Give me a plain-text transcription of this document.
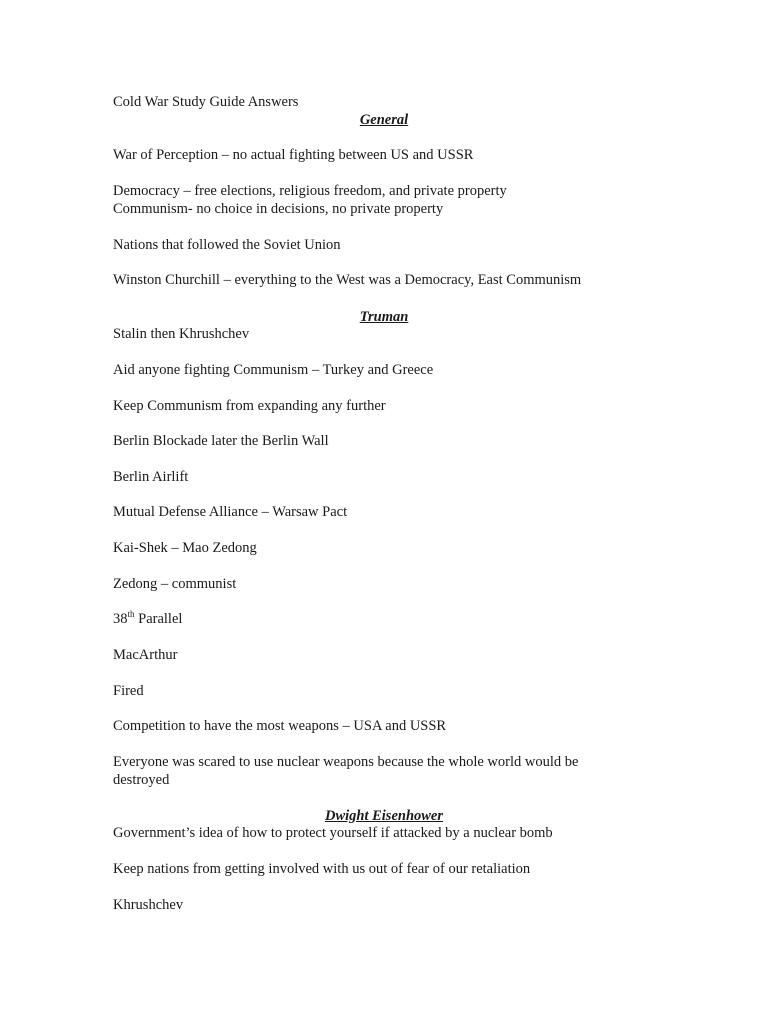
Cold War Study Guide Answers
General
War of Perception – no actual fighting between US and USSR
Democracy – free elections, religious freedom, and private property
Communism- no choice in decisions, no private property
Nations that followed the Soviet Union
Winston Churchill – everything to the West was a Democracy, East Communism
Truman
Stalin then Khrushchev
Aid anyone fighting Communism – Turkey and Greece
Keep Communism from expanding any further
Berlin Blockade later the Berlin Wall
Berlin Airlift
Mutual Defense Alliance – Warsaw Pact
Kai-Shek – Mao Zedong
Zedong – communist
38th Parallel
MacArthur
Fired
Competition to have the most weapons – USA and USSR
Everyone was scared to use nuclear weapons because the whole world would be
destroyed
Dwight Eisenhower
Government’s idea of how to protect yourself if attacked by a nuclear bomb
Keep nations from getting involved with us out of fear of our retaliation
Khrushchev
